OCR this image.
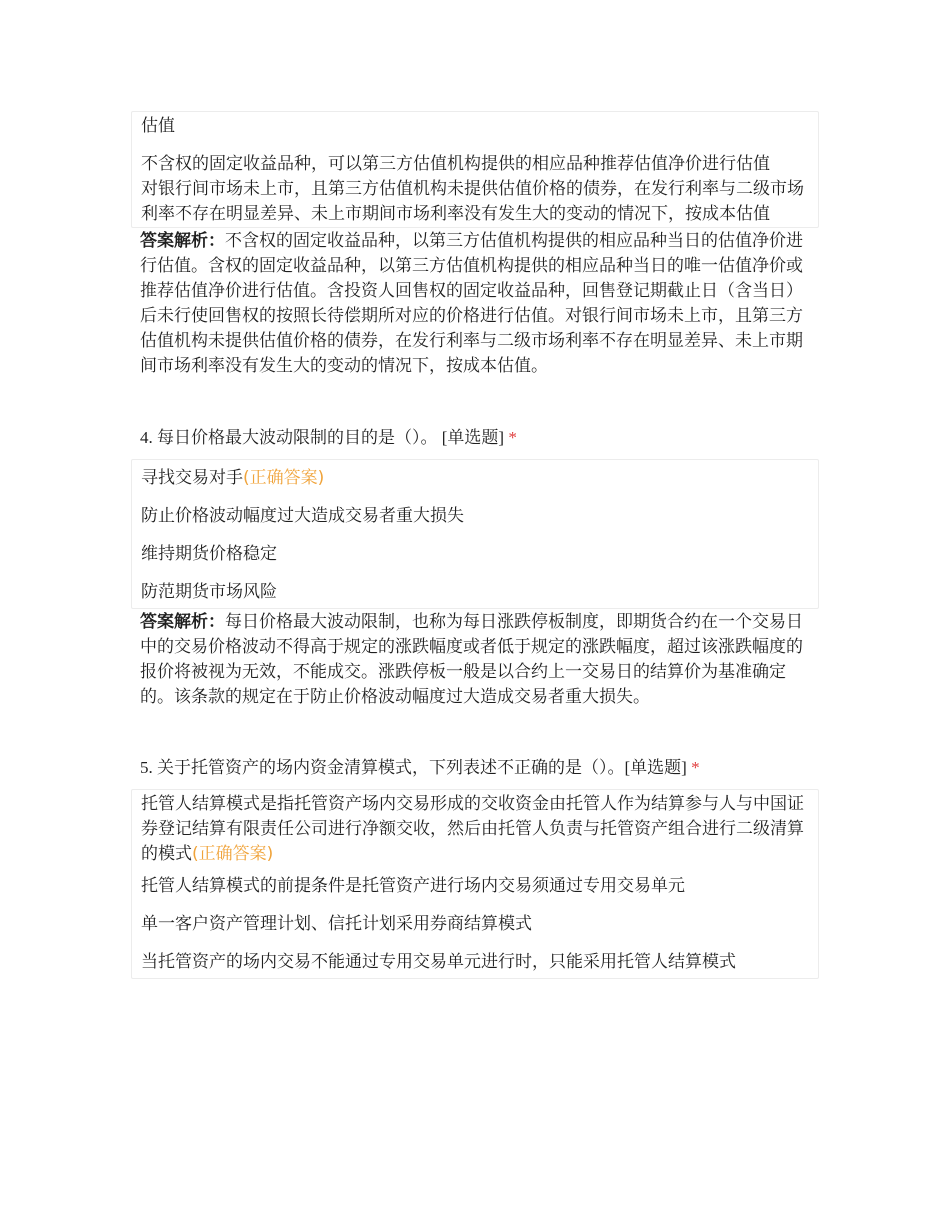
估值
不含权的固定收益品种，可以第三方估值机构提供的相应品种推荐估值净价进行估值
对银行间市场未上市，且第三方估值机构未提供估值价格的债券，在发行利率与二级市场利率不存在明显差异、未上市期间市场利率没有发生大的变动的情况下，按成本估值
答案解析：不含权的固定收益品种，以第三方估值机构提供的相应品种当日的估值净价进行估值。含权的固定收益品种，以第三方估值机构提供的相应品种当日的唯一估值净价或推荐估值净价进行估值。含投资人回售权的固定收益品种，回售登记期截止日（含当日）后未行使回售权的按照长待偿期所对应的价格进行估值。对银行间市场未上市，且第三方估值机构未提供估值价格的债券，在发行利率与二级市场利率不存在明显差异、未上市期间市场利率没有发生大的变动的情况下，按成本估值。
4. 每日价格最大波动限制的目的是（）。 [单选题] *
寻找交易对手(正确答案)
防止价格波动幅度过大造成交易者重大损失
维持期货价格稳定
防范期货市场风险
答案解析：每日价格最大波动限制，也称为每日涨跌停板制度，即期货合约在一个交易日中的交易价格波动不得高于规定的涨跌幅度或者低于规定的涨跌幅度，超过该涨跌幅度的报价将被视为无效，不能成交。涨跌停板一般是以合约上一交易日的结算价为基准确定的。该条款的规定在于防止价格波动幅度过大造成交易者重大损失。
5. 关于托管资产的场内资金清算模式，下列表述不正确的是（）。[单选题] *
托管人结算模式是指托管资产场内交易形成的交收资金由托管人作为结算参与人与中国证券登记结算有限责任公司进行净额交收，然后由托管人负责与托管资产组合进行二级清算的模式(正确答案)
托管人结算模式的前提条件是托管资产进行场内交易须通过专用交易单元
单一客户资产管理计划、信托计划采用券商结算模式
当托管资产的场内交易不能通过专用交易单元进行时，只能采用托管人结算模式
